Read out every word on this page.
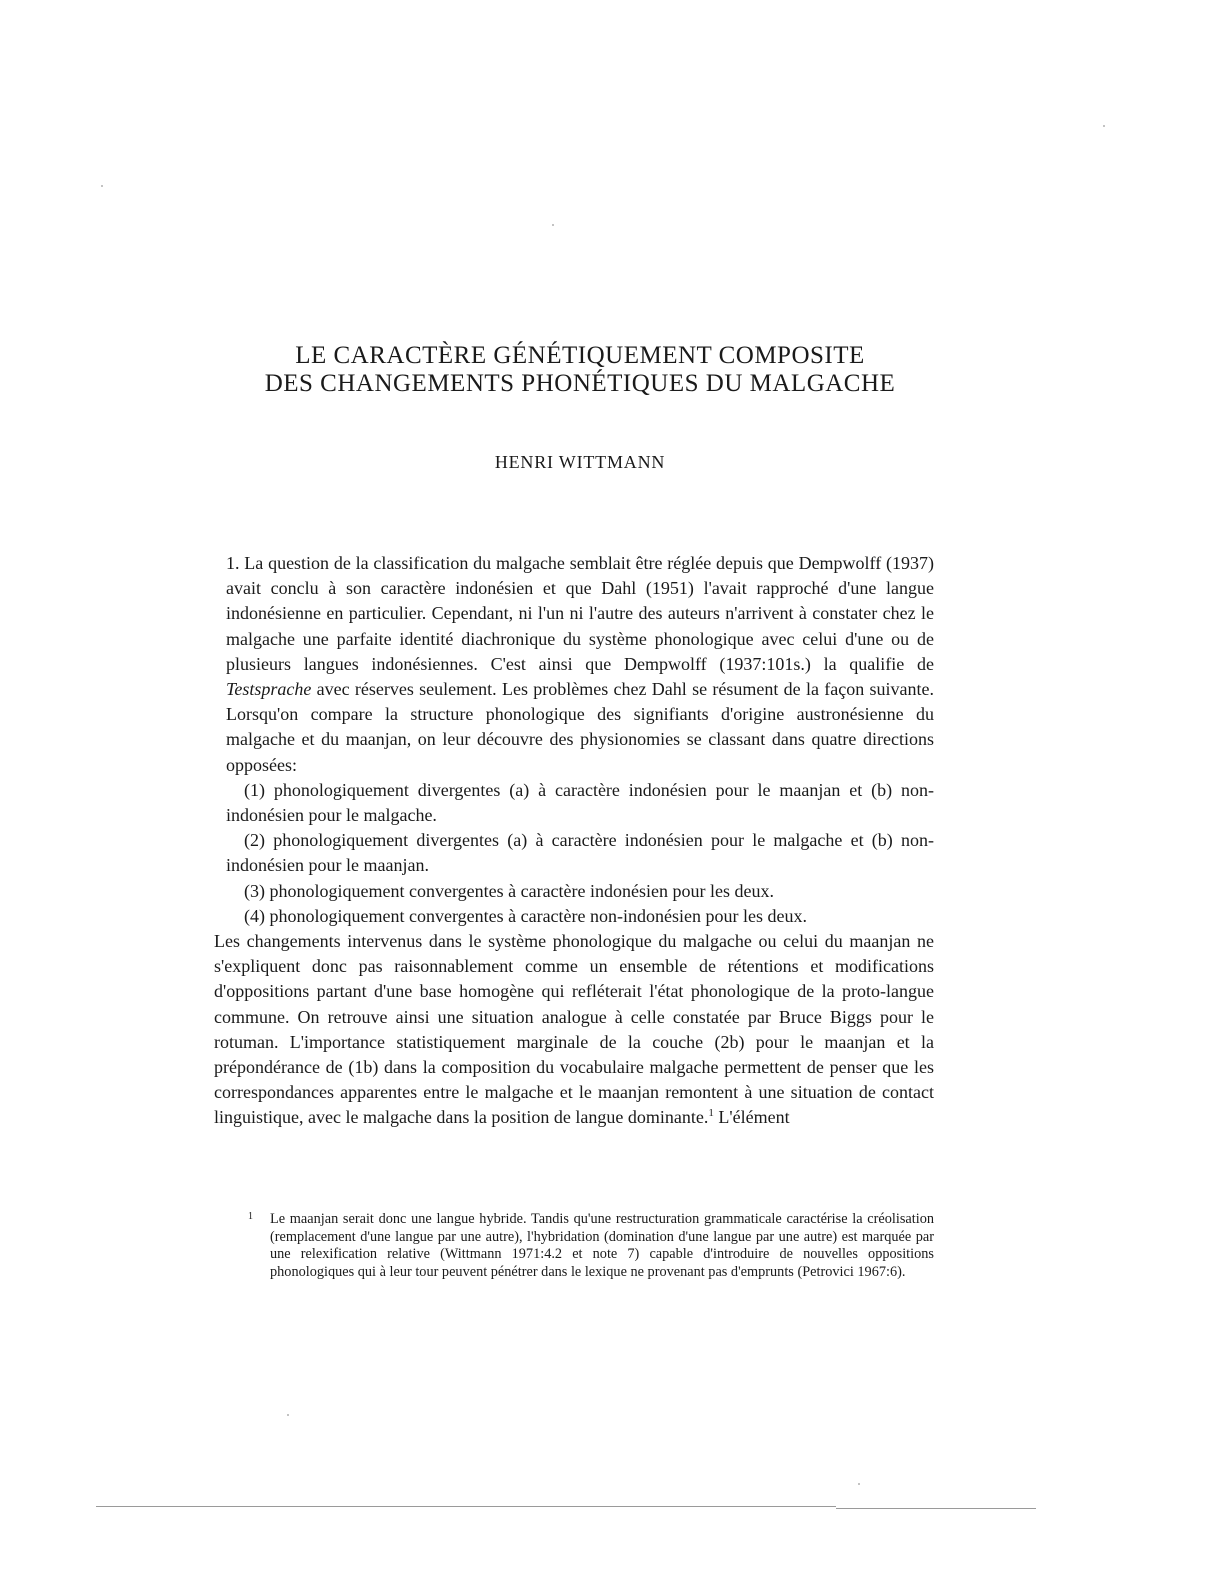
LE CARACTÈRE GÉNÉTIQUEMENT COMPOSITE
DES CHANGEMENTS PHONÉTIQUES DU MALGACHE
HENRI WITTMANN

1. La question de la classification du malgache semblait être réglée depuis que Dempwolff (1937) avait conclu à son caractère indonésien et que Dahl (1951) l'avait rapproché d'une langue indonésienne en particulier. Cependant, ni l'un ni l'autre des auteurs n'arrivent à constater chez le malgache une parfaite identité diachronique du système phonologique avec celui d'une ou de plusieurs langues indonésiennes. C'est ainsi que Dempwolff (1937:101s.) la qualifie de Testsprache avec réserves seulement. Les problèmes chez Dahl se résument de la façon suivante. Lorsqu'on compare la structure phonologique des signifiants d'origine austronésienne du malgache et du maanjan, on leur découvre des physionomies se classant dans quatre directions opposées:

(1) phonologiquement divergentes (a) à caractère indonésien pour le maanjan et (b) non-indonésien pour le malgache.

(2) phonologiquement divergentes (a) à caractère indonésien pour le malgache et (b) non-indonésien pour le maanjan.

(3) phonologiquement convergentes à caractère indonésien pour les deux.

(4) phonologiquement convergentes à caractère non-indonésien pour les deux.

Les changements intervenus dans le système phonologique du malgache ou celui du maanjan ne s'expliquent donc pas raisonnablement comme un ensemble de rétentions et modifications d'oppositions partant d'une base homogène qui refléterait l'état phonologique de la proto-langue commune. On retrouve ainsi une situation analogue à celle constatée par Bruce Biggs pour le rotuman. L'importance statistiquement marginale de la couche (2b) pour le maanjan et la prépondérance de (1b) dans la composition du vocabulaire malgache permettent de penser que les correspondances apparentes entre le malgache et le maanjan remontent à une situation de contact linguistique, avec le malgache dans la position de langue dominante.$^1$ L'élément

1 Le maanjan serait donc une langue hybride. Tandis qu'une restructuration grammaticale caractérise la créolisation (remplacement d'une langue par une autre), l'hybridation (domination d'une langue par une autre) est marquée par une relexification relative (Wittmann 1971:4.2 et note 7) capable d'introduire de nouvelles oppositions phonologiques qui à leur tour peuvent pénétrer dans le lexique ne provenant pas d'emprunts (Petrovici 1967:6).
